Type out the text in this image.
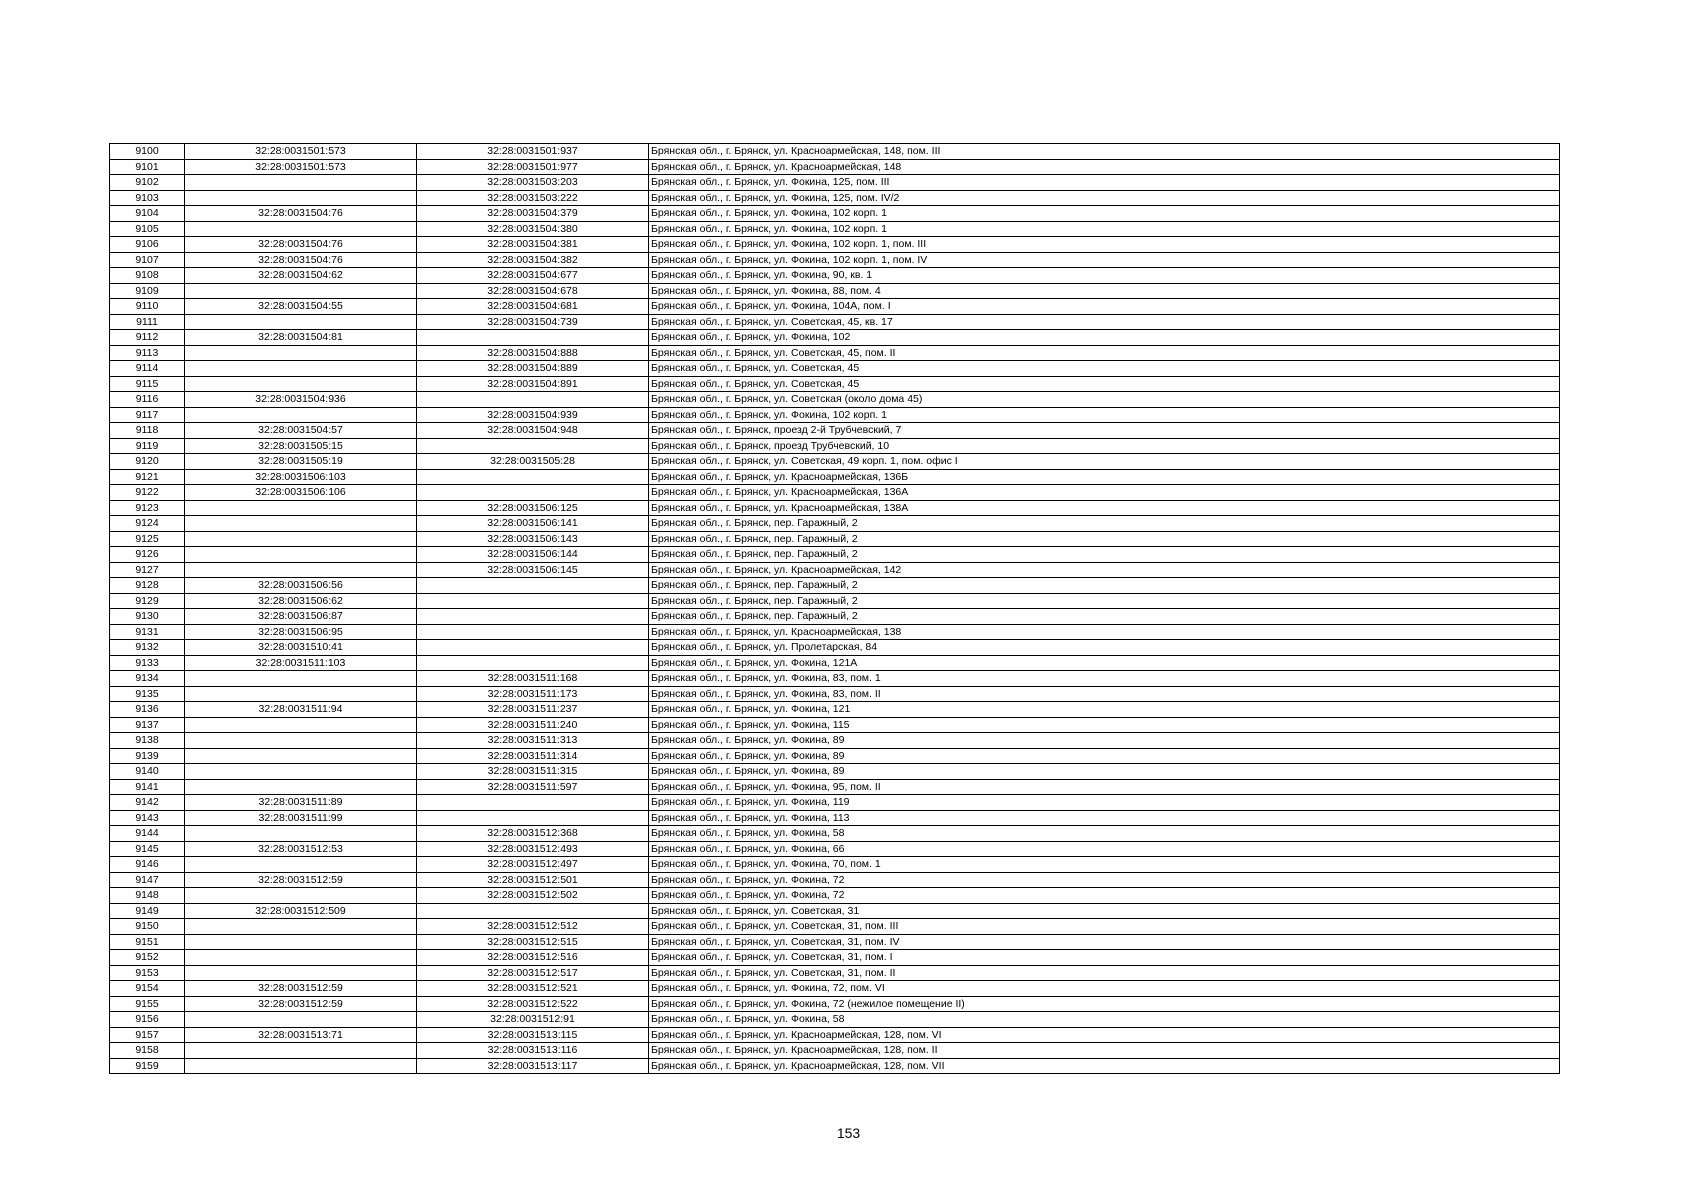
9100	32:28:0031501:573	32:28:0031501:937	Брянская обл., г. Брянск, ул. Красноармейская, 148, пом. III
9101	32:28:0031501:573	32:28:0031501:977	Брянская обл., г. Брянск, ул. Красноармейская, 148
9102		32:28:0031503:203	Брянская обл., г. Брянск, ул. Фокина, 125, пом. III
9103		32:28:0031503:222	Брянская обл., г. Брянск, ул. Фокина, 125, пом. IV/2
9104	32:28:0031504:76	32:28:0031504:379	Брянская обл., г. Брянск, ул. Фокина, 102 корп. 1
9105		32:28:0031504:380	Брянская обл., г. Брянск, ул. Фокина, 102 корп. 1
9106	32:28:0031504:76	32:28:0031504:381	Брянская обл., г. Брянск, ул. Фокина, 102 корп. 1, пом. III
9107	32:28:0031504:76	32:28:0031504:382	Брянская обл., г. Брянск, ул. Фокина, 102 корп. 1, пом. IV
9108	32:28:0031504:62	32:28:0031504:677	Брянская обл., г. Брянск, ул. Фокина, 90, кв. 1
9109		32:28:0031504:678	Брянская обл., г. Брянск, ул. Фокина, 88, пом. 4
9110	32:28:0031504:55	32:28:0031504:681	Брянская обл., г. Брянск, ул. Фокина, 104А, пом. I
9111		32:28:0031504:739	Брянская обл., г. Брянск, ул. Советская, 45, кв. 17
9112	32:28:0031504:81		Брянская обл., г. Брянск, ул. Фокина, 102
9113		32:28:0031504:888	Брянская обл., г. Брянск, ул. Советская, 45, пом. II
9114		32:28:0031504:889	Брянская обл., г. Брянск, ул. Советская, 45
9115		32:28:0031504:891	Брянская обл., г. Брянск, ул. Советская, 45
9116	32:28:0031504:936		Брянская обл., г. Брянск, ул. Советская (около дома 45)
9117		32:28:0031504:939	Брянская обл., г. Брянск, ул. Фокина, 102 корп. 1
9118	32:28:0031504:57	32:28:0031504:948	Брянская обл., г. Брянск, проезд 2-й Трубчевский, 7
9119	32:28:0031505:15		Брянская обл., г. Брянск, проезд Трубчевский, 10
9120	32:28:0031505:19	32:28:0031505:28	Брянская обл., г. Брянск, ул. Советская, 49 корп. 1, пом. офис I
9121	32:28:0031506:103		Брянская обл., г. Брянск, ул. Красноармейская, 136Б
9122	32:28:0031506:106		Брянская обл., г. Брянск, ул. Красноармейская, 136А
9123		32:28:0031506:125	Брянская обл., г. Брянск, ул. Красноармейская, 138А
9124		32:28:0031506:141	Брянская обл., г. Брянск, пер. Гаражный, 2
9125		32:28:0031506:143	Брянская обл., г. Брянск, пер. Гаражный, 2
9126		32:28:0031506:144	Брянская обл., г. Брянск, пер. Гаражный, 2
9127		32:28:0031506:145	Брянская обл., г. Брянск, ул. Красноармейская, 142
9128	32:28:0031506:56		Брянская обл., г. Брянск, пер. Гаражный, 2
9129	32:28:0031506:62		Брянская обл., г. Брянск, пер. Гаражный, 2
9130	32:28:0031506:87		Брянская обл., г. Брянск, пер. Гаражный, 2
9131	32:28:0031506:95		Брянская обл., г. Брянск, ул. Красноармейская, 138
9132	32:28:0031510:41		Брянская обл., г. Брянск, ул. Пролетарская, 84
9133	32:28:0031511:103		Брянская обл., г. Брянск, ул. Фокина, 121А
9134		32:28:0031511:168	Брянская обл., г. Брянск, ул. Фокина, 83, пом. 1
9135		32:28:0031511:173	Брянская обл., г. Брянск, ул. Фокина, 83, пом. II
9136	32:28:0031511:94	32:28:0031511:237	Брянская обл., г. Брянск, ул. Фокина, 121
9137		32:28:0031511:240	Брянская обл., г. Брянск, ул. Фокина, 115
9138		32:28:0031511:313	Брянская обл., г. Брянск, ул. Фокина, 89
9139		32:28:0031511:314	Брянская обл., г. Брянск, ул. Фокина, 89
9140		32:28:0031511:315	Брянская обл., г. Брянск, ул. Фокина, 89
9141		32:28:0031511:597	Брянская обл., г. Брянск, ул. Фокина, 95, пом. II
9142	32:28:0031511:89		Брянская обл., г. Брянск, ул. Фокина, 119
9143	32:28:0031511:99		Брянская обл., г. Брянск, ул. Фокина, 113
9144		32:28:0031512:368	Брянская обл., г. Брянск, ул. Фокина, 58
9145	32:28:0031512:53	32:28:0031512:493	Брянская обл., г. Брянск, ул. Фокина, 66
9146		32:28:0031512:497	Брянская обл., г. Брянск, ул. Фокина, 70, пом. 1
9147	32:28:0031512:59	32:28:0031512:501	Брянская обл., г. Брянск, ул. Фокина, 72
9148		32:28:0031512:502	Брянская обл., г. Брянск, ул. Фокина, 72
9149	32:28:0031512:509		Брянская обл., г. Брянск, ул. Советская, 31
9150		32:28:0031512:512	Брянская обл., г. Брянск, ул. Советская, 31, пом. III
9151		32:28:0031512:515	Брянская обл., г. Брянск, ул. Советская, 31, пом. IV
9152		32:28:0031512:516	Брянская обл., г. Брянск, ул. Советская, 31, пом. I
9153		32:28:0031512:517	Брянская обл., г. Брянск, ул. Советская, 31, пом. II
9154	32:28:0031512:59	32:28:0031512:521	Брянская обл., г. Брянск, ул. Фокина, 72, пом. VI
9155	32:28:0031512:59	32:28:0031512:522	Брянская обл., г. Брянск, ул. Фокина, 72 (нежилое помещение II)
9156		32:28:0031512:91	Брянская обл., г. Брянск, ул. Фокина, 58
9157	32:28:0031513:71	32:28:0031513:115	Брянская обл., г. Брянск, ул. Красноармейская, 128, пом. VI
9158		32:28:0031513:116	Брянская обл., г. Брянск, ул. Красноармейская, 128, пом. II
9159		32:28:0031513:117	Брянская обл., г. Брянск, ул. Красноармейская, 128, пом. VII
153
